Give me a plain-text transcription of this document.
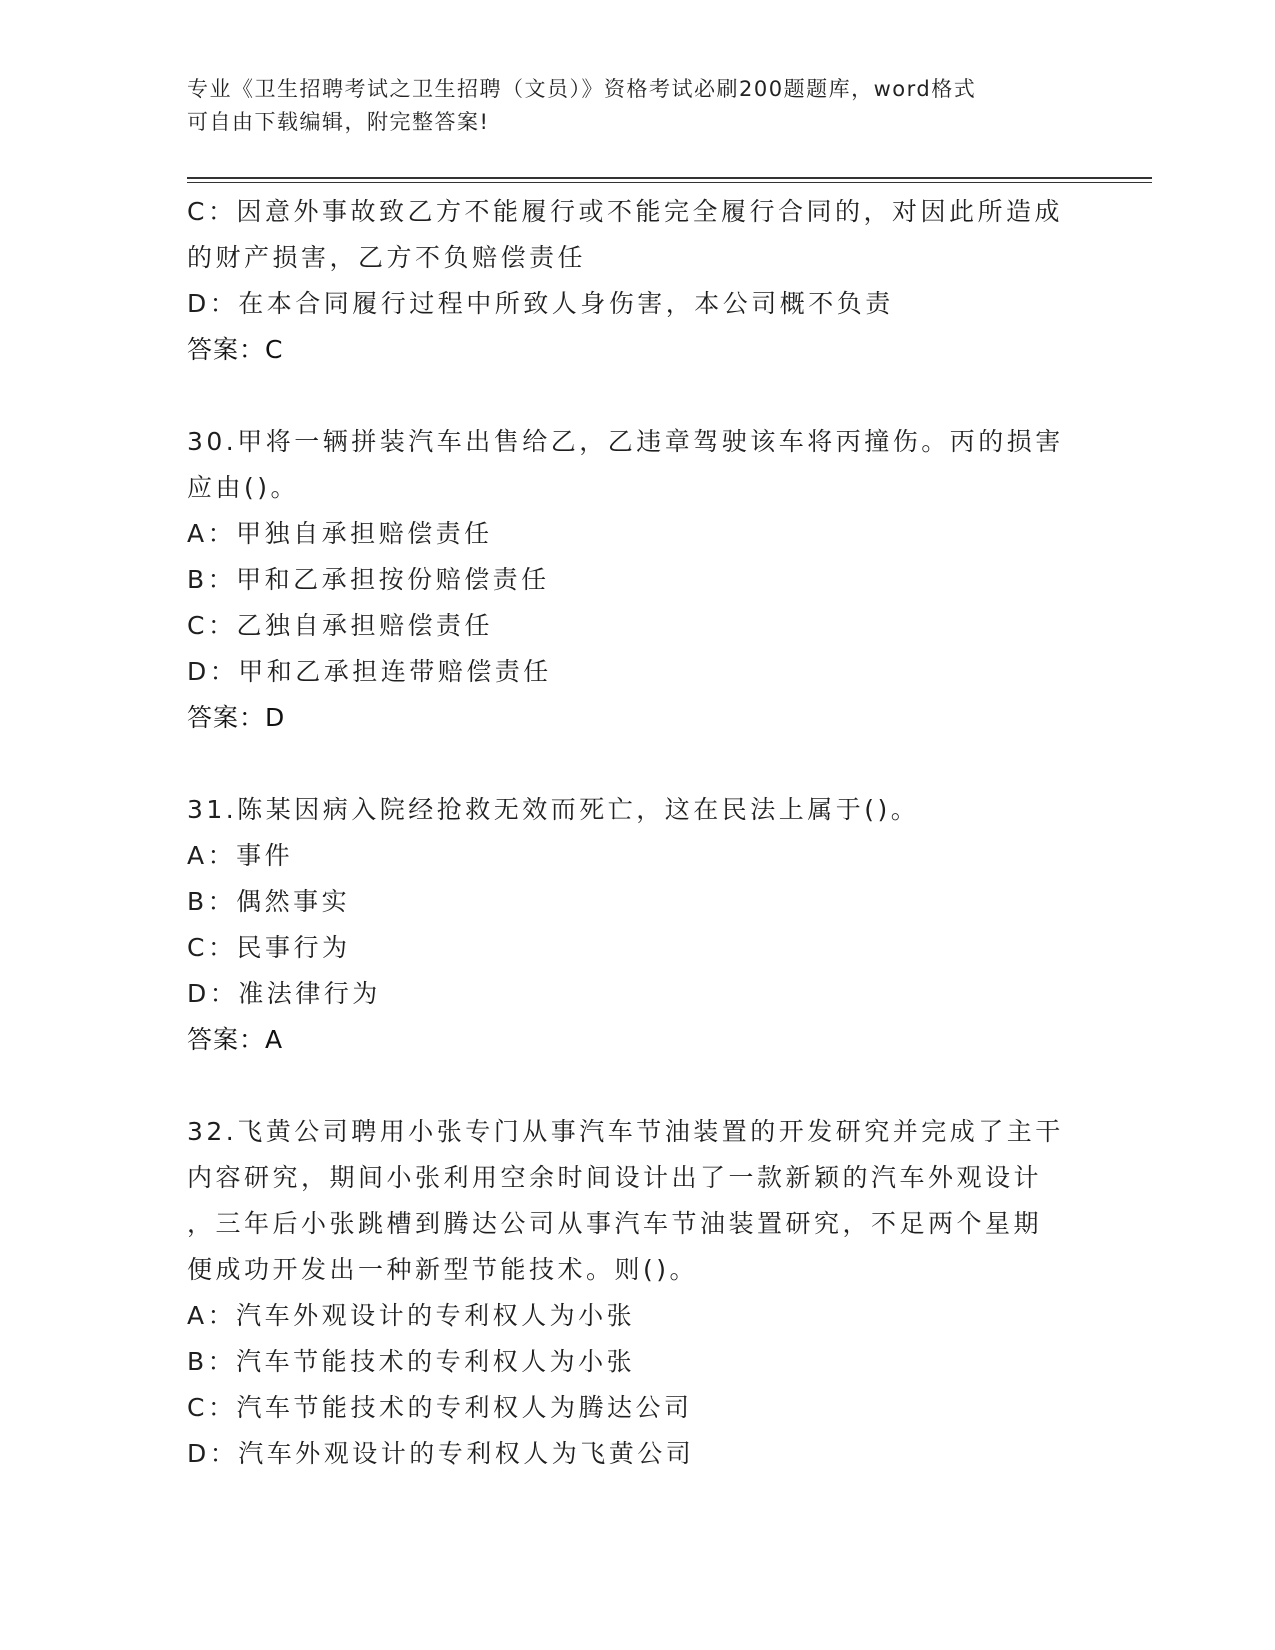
专业《卫生招聘考试之卫生招聘（文员）》资格考试必刷200题题库，word格式
可自由下载编辑，附完整答案!
C：因意外事故致乙方不能履行或不能完全履行合同的，对因此所造成
的财产损害，乙方不负赔偿责任
D：在本合同履行过程中所致人身伤害，本公司概不负责
答案：C
30.甲将一辆拼装汽车出售给乙，乙违章驾驶该车将丙撞伤。丙的损害
应由()。
A：甲独自承担赔偿责任
B：甲和乙承担按份赔偿责任
C：乙独自承担赔偿责任
D：甲和乙承担连带赔偿责任
答案：D
31.陈某因病入院经抢救无效而死亡，这在民法上属于()。
A：事件
B：偶然事实
C：民事行为
D：准法律行为
答案：A
32.飞黄公司聘用小张专门从事汽车节油装置的开发研究并完成了主干
内容研究，期间小张利用空余时间设计出了一款新颖的汽车外观设计
，三年后小张跳槽到腾达公司从事汽车节油装置研究，不足两个星期
便成功开发出一种新型节能技术。则()。
A：汽车外观设计的专利权人为小张
B：汽车节能技术的专利权人为小张
C：汽车节能技术的专利权人为腾达公司
D：汽车外观设计的专利权人为飞黄公司
